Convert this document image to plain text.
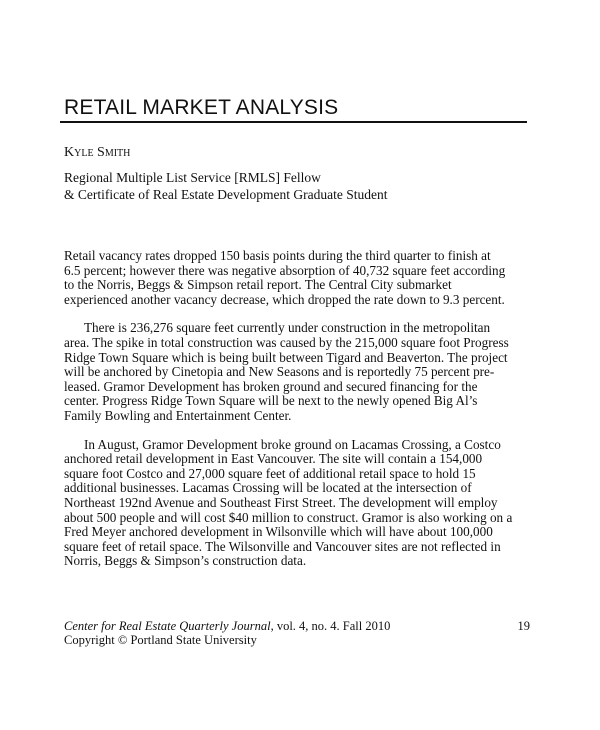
RETAIL MARKET ANALYSIS
Kyle Smith
Regional Multiple List Service [RMLS] Fellow
& Certificate of Real Estate Development Graduate Student
Retail vacancy rates dropped 150 basis points during the third quarter to finish at
6.5 percent; however there was negative absorption of 40,732 square feet according
to the Norris, Beggs & Simpson retail report. The Central City submarket
experienced another vacancy decrease, which dropped the rate down to 9.3 percent.
There is 236,276 square feet currently under construction in the metropolitan
area. The spike in total construction was caused by the 215,000 square foot Progress
Ridge Town Square which is being built between Tigard and Beaverton. The project
will be anchored by Cinetopia and New Seasons and is reportedly 75 percent pre-
leased. Gramor Development has broken ground and secured financing for the
center. Progress Ridge Town Square will be next to the newly opened Big Al’s
Family Bowling and Entertainment Center.
In August, Gramor Development broke ground on Lacamas Crossing, a Costco
anchored retail development in East Vancouver. The site will contain a 154,000
square foot Costco and 27,000 square feet of additional retail space to hold 15
additional businesses. Lacamas Crossing will be located at the intersection of
Northeast 192nd Avenue and Southeast First Street. The development will employ
about 500 people and will cost $40 million to construct. Gramor is also working on a
Fred Meyer anchored development in Wilsonville which will have about 100,000
square feet of retail space. The Wilsonville and Vancouver sites are not reflected in
Norris, Beggs & Simpson’s construction data.
Center for Real Estate Quarterly Journal, vol. 4, no. 4. Fall 2010	19
Copyright © Portland State University
